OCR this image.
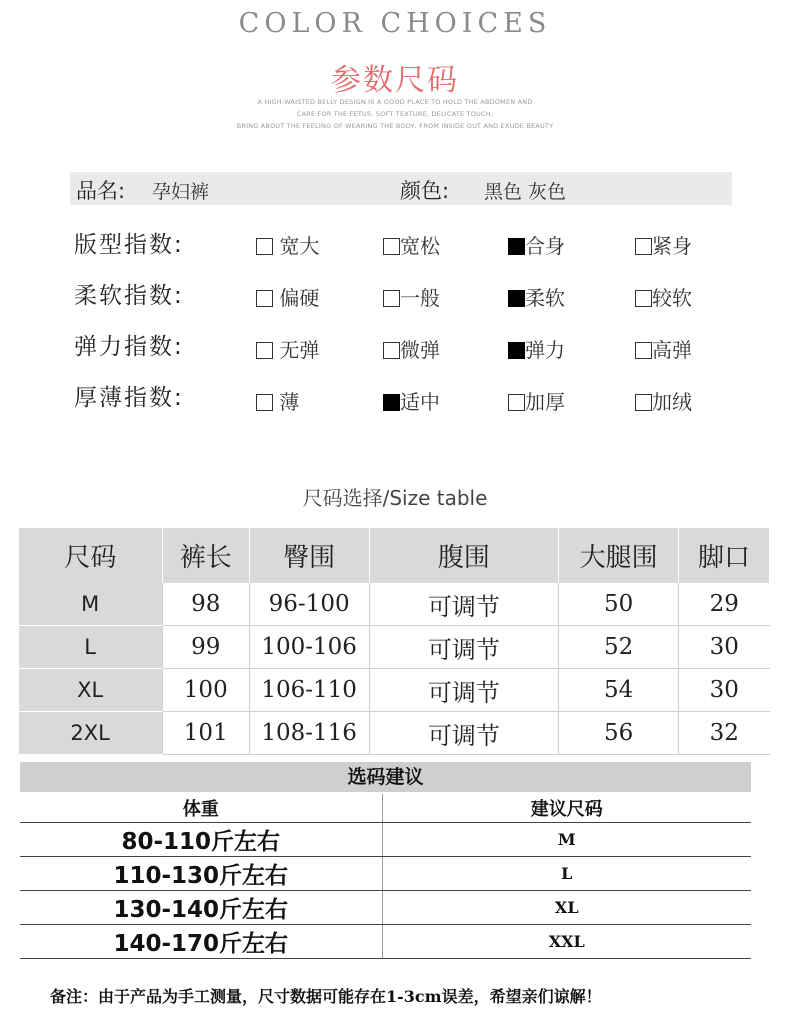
COLOR CHOICES
参数尺码
A HIGH-WAISTED BELLY DESIGN IS A GOOD PLACE TO HOLD THE ABDOMEN AND
CARE FOR THE FETUS, SOFT TEXTURE, DELICATE TOUCH,
BRING ABOUT THE FEELING OF WEARING THE BODY, FROM INSIDE OUT AND EXUDE BEAUTY
品名: 孕妇裤	颜色: 黑色 灰色
版型指数:	宽大	宽松	合身	紧身
柔软指数:	偏硬	一般	柔软	较软
弹力指数:	无弹	微弹	弹力	高弹
厚薄指数:	薄	适中	加厚	加绒
尺码选择/Size table
尺码	裤长	臀围	腹围	大腿围	脚口
M	98	96-100	可调节	50	29
L	99	100-106	可调节	52	30
XL	100	106-110	可调节	54	30
2XL	101	108-116	可调节	56	32
选码建议
体重	建议尺码
80-110斤左右	M
110-130斤左右	L
130-140斤左右	XL
140-170斤左右	XXL
备注：由于产品为手工测量，尺寸数据可能存在1-3cm误差，希望亲们谅解！
